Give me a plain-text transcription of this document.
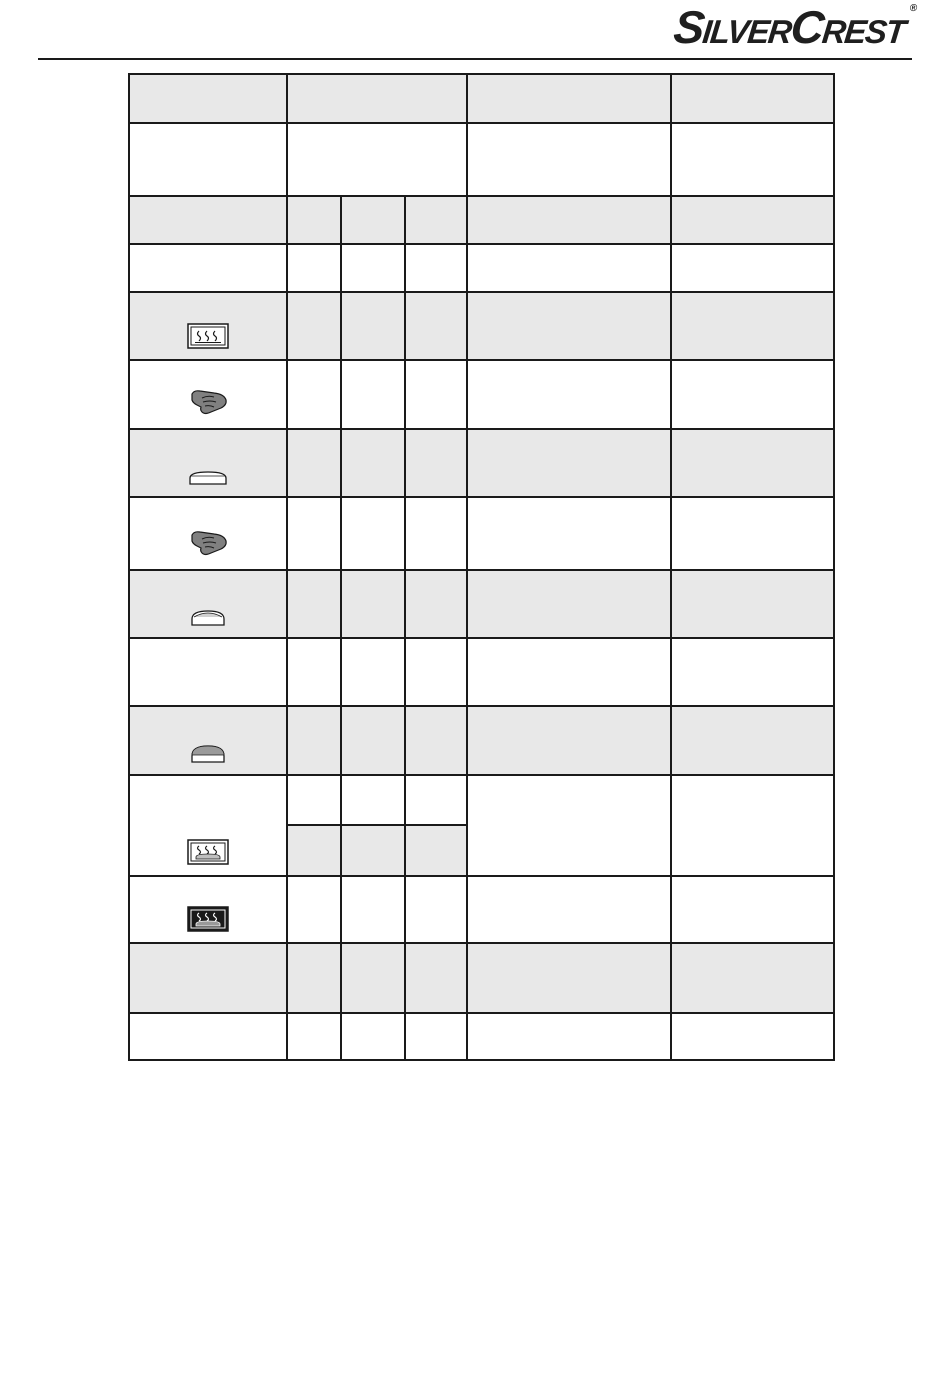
SILVERCREST®
